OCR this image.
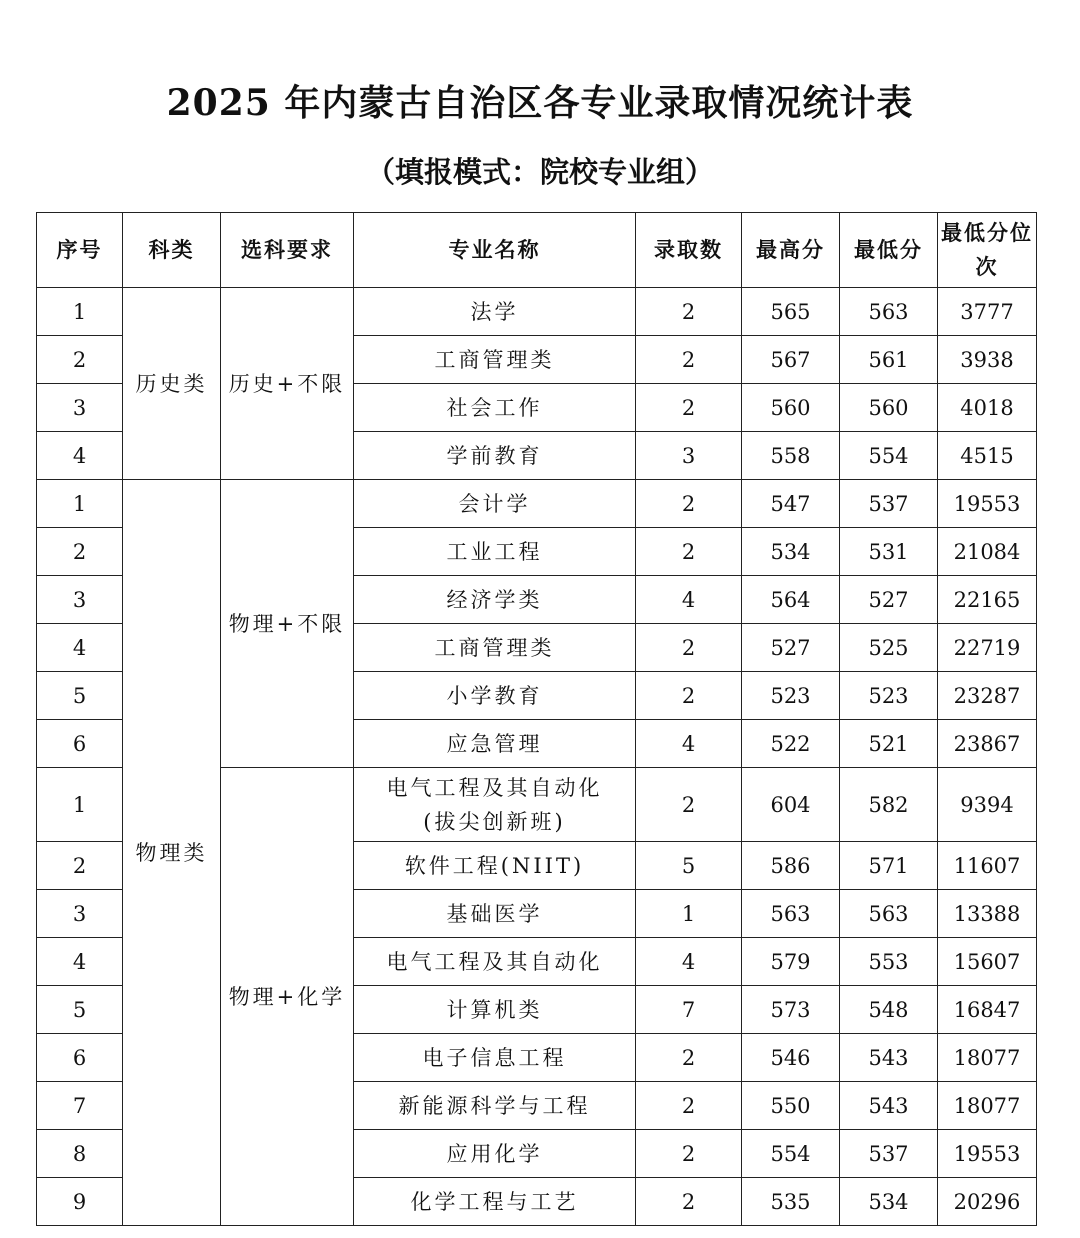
2025 年内蒙古自治区各专业录取情况统计表
（填报模式：院校专业组）
序号	科类	选科要求	专业名称	录取数	最高分	最低分	最低分位次
1	历史类	历史+不限	法学	2	565	563	3777
2			工商管理类	2	567	561	3938
3			社会工作	2	560	560	4018
4			学前教育	3	558	554	4515
1	物理类	物理+不限	会计学	2	547	537	19553
2			工业工程	2	534	531	21084
3			经济学类	4	564	527	22165
4			工商管理类	2	527	525	22719
5			小学教育	2	523	523	23287
6			应急管理	4	522	521	23867
1		物理+化学	电气工程及其自动化
(拔尖创新班)	2	604	582	9394
2			软件工程(NIIT)	5	586	571	11607
3			基础医学	1	563	563	13388
4			电气工程及其自动化	4	579	553	15607
5			计算机类	7	573	548	16847
6			电子信息工程	2	546	543	18077
7			新能源科学与工程	2	550	543	18077
8			应用化学	2	554	537	19553
9			化学工程与工艺	2	535	534	20296
